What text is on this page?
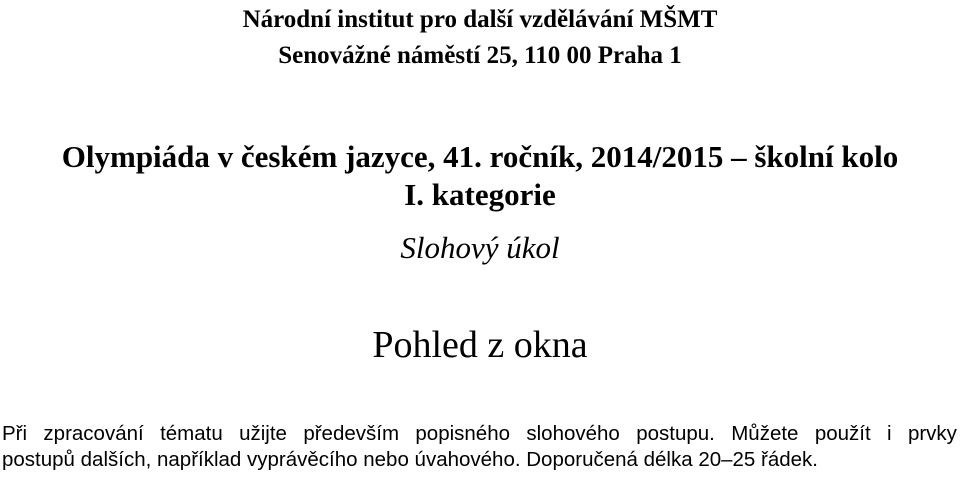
Národní institut pro další vzdělávání MŠMT
Senovážné náměstí 25, 110 00 Praha 1
Olympiáda v českém jazyce, 41. ročník, 2014/2015 – školní kolo
I. kategorie
Slohový úkol
Pohled z okna
Při zpracování tématu užijte především popisného slohového postupu. Můžete použít i prvky
postupů dalších, například vyprávěcího nebo úvahového. Doporučená délka 20–25 řádek.
